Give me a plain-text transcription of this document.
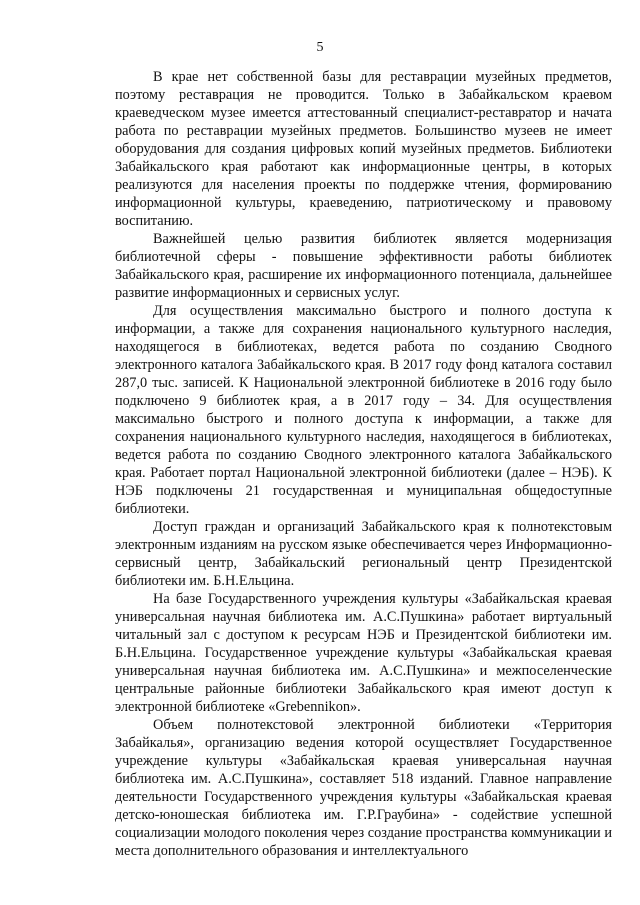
5

В крае нет собственной базы для реставрации музейных предметов, поэтому реставрация не проводится. Только в Забайкальском краевом краеведческом музее имеется аттестованный специалист-реставратор и начата работа по реставрации музейных предметов. Большинство музеев не имеет оборудования для создания цифровых копий музейных предметов. Библиотеки Забайкальского края работают как информационные центры, в которых реализуются для населения проекты по поддержке чтения, формированию информационной культуры, краеведению, патриотическому и правовому воспитанию.

Важнейшей целью развития библиотек является модернизация библиотечной сферы - повышение эффективности работы библиотек Забайкальского края, расширение их информационного потенциала, дальнейшее развитие информационных и сервисных услуг.

Для осуществления максимально быстрого и полного доступа к информации, а также для сохранения национального культурного наследия, находящегося в библиотеках, ведется работа по созданию Сводного электронного каталога Забайкальского края. В 2017 году фонд каталога составил 287,0 тыс. записей. К Национальной электронной библиотеке в 2016 году было подключено 9 библиотек края, а в 2017 году – 34. Для осуществления максимально быстрого и полного доступа к информации, а также для сохранения национального культурного наследия, находящегося в библиотеках, ведется работа по созданию Сводного электронного каталога Забайкальского края. Работает портал Национальной электронной библиотеки (далее – НЭБ). К НЭБ подключены 21 государственная и муниципальная общедоступные библиотеки.

Доступ граждан и организаций Забайкальского края к полнотекстовым электронным изданиям на русском языке обеспечивается через Информационно-сервисный центр, Забайкальский региональный центр Президентской библиотеки им. Б.Н.Ельцина.

На базе Государственного учреждения культуры «Забайкальская краевая универсальная научная библиотека им. А.С.Пушкина» работает виртуальный читальный зал с доступом к ресурсам НЭБ и Президентской библиотеки им. Б.Н.Ельцина. Государственное учреждение культуры «Забайкальская краевая универсальная научная библиотека им. А.С.Пушкина» и межпоселенческие центральные районные библиотеки Забайкальского края имеют доступ к электронной библиотеке «Grebennikon».

Объем полнотекстовой электронной библиотеки «Территория Забайкалья», организацию ведения которой осуществляет Государственное учреждение культуры «Забайкальская краевая универсальная научная библиотека им. А.С.Пушкина», составляет 518 изданий. Главное направление деятельности Государственного учреждения культуры «Забайкальская краевая детско-юношеская библиотека им. Г.Р.Граубина» - содействие успешной социализации молодого поколения через создание пространства коммуникации и места дополнительного образования и интеллектуального
